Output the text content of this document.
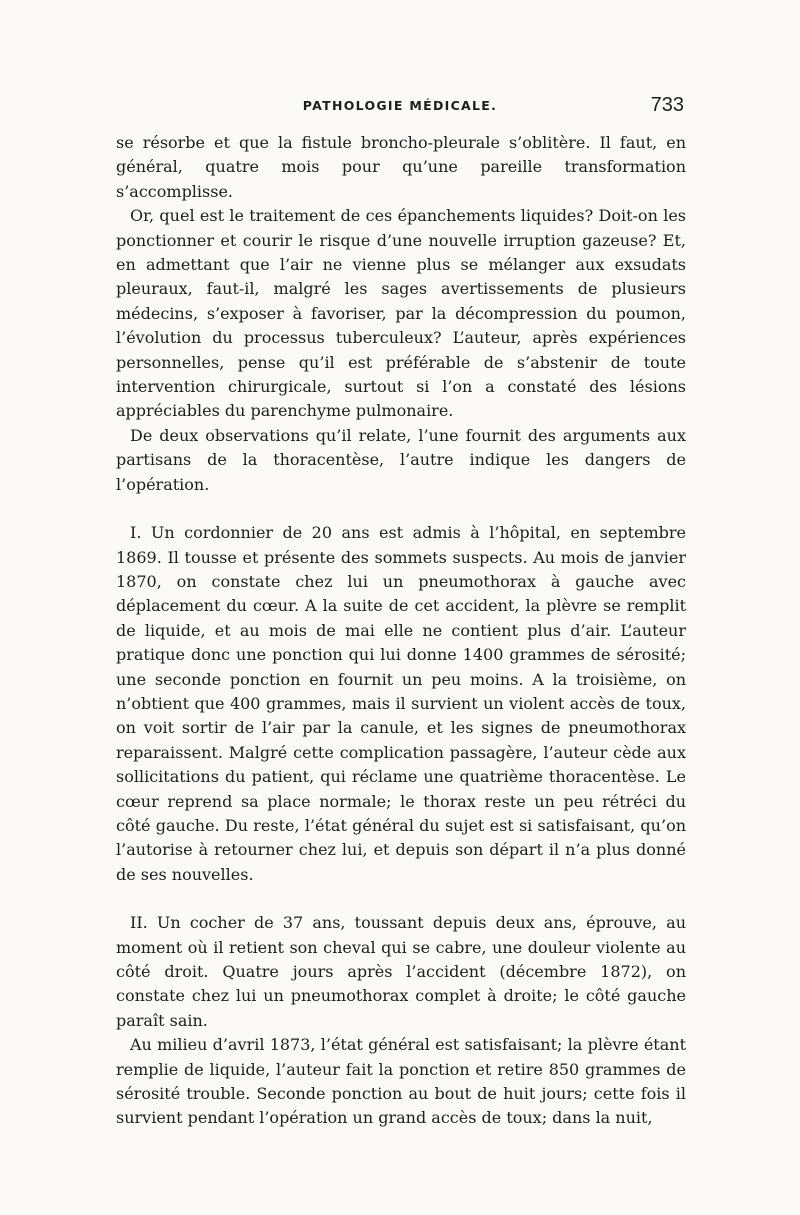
PATHOLOGIE MÉDICALE.	733

se résorbe et que la fistule broncho-pleurale s’oblitère. Il faut, en général, quatre mois pour qu’une pareille transformation s’accomplisse.

Or, quel est le traitement de ces épanchements liquides? Doit-on les ponctionner et courir le risque d’une nouvelle irruption gazeuse? Et, en admettant que l’air ne vienne plus se mélanger aux exsudats pleuraux, faut-il, malgré les sages avertissements de plusieurs médecins, s’exposer à favoriser, par la décompression du poumon, l’évolution du processus tuberculeux? L’auteur, après expériences personnelles, pense qu’il est préférable de s’abstenir de toute intervention chirurgicale, surtout si l’on a constaté des lésions appréciables du parenchyme pulmonaire.

De deux observations qu’il relate, l’une fournit des arguments aux partisans de la thoracentèse, l’autre indique les dangers de l’opération.

I. Un cordonnier de 20 ans est admis à l’hôpital, en septembre 1869. Il tousse et présente des sommets suspects. Au mois de janvier 1870, on constate chez lui un pneumothorax à gauche avec déplacement du cœur. A la suite de cet accident, la plèvre se remplit de liquide, et au mois de mai elle ne contient plus d’air. L’auteur pratique donc une ponction qui lui donne 1400 grammes de sérosité; une seconde ponction en fournit un peu moins. A la troisième, on n’obtient que 400 grammes, mais il survient un violent accès de toux, on voit sortir de l’air par la canule, et les signes de pneumothorax reparaissent. Malgré cette complication passagère, l’auteur cède aux sollicitations du patient, qui réclame une quatrième thoracentèse. Le cœur reprend sa place normale; le thorax reste un peu rétréci du côté gauche. Du reste, l’état général du sujet est si satisfaisant, qu’on l’autorise à retourner chez lui, et depuis son départ il n’a plus donné de ses nouvelles.

II. Un cocher de 37 ans, toussant depuis deux ans, éprouve, au moment où il retient son cheval qui se cabre, une douleur violente au côté droit. Quatre jours après l’accident (décembre 1872), on constate chez lui un pneumothorax complet à droite; le côté gauche paraît sain.

Au milieu d’avril 1873, l’état général est satisfaisant; la plèvre étant remplie de liquide, l’auteur fait la ponction et retire 850 grammes de sérosité trouble. Seconde ponction au bout de huit jours; cette fois il survient pendant l’opération un grand accès de toux; dans la nuit,
